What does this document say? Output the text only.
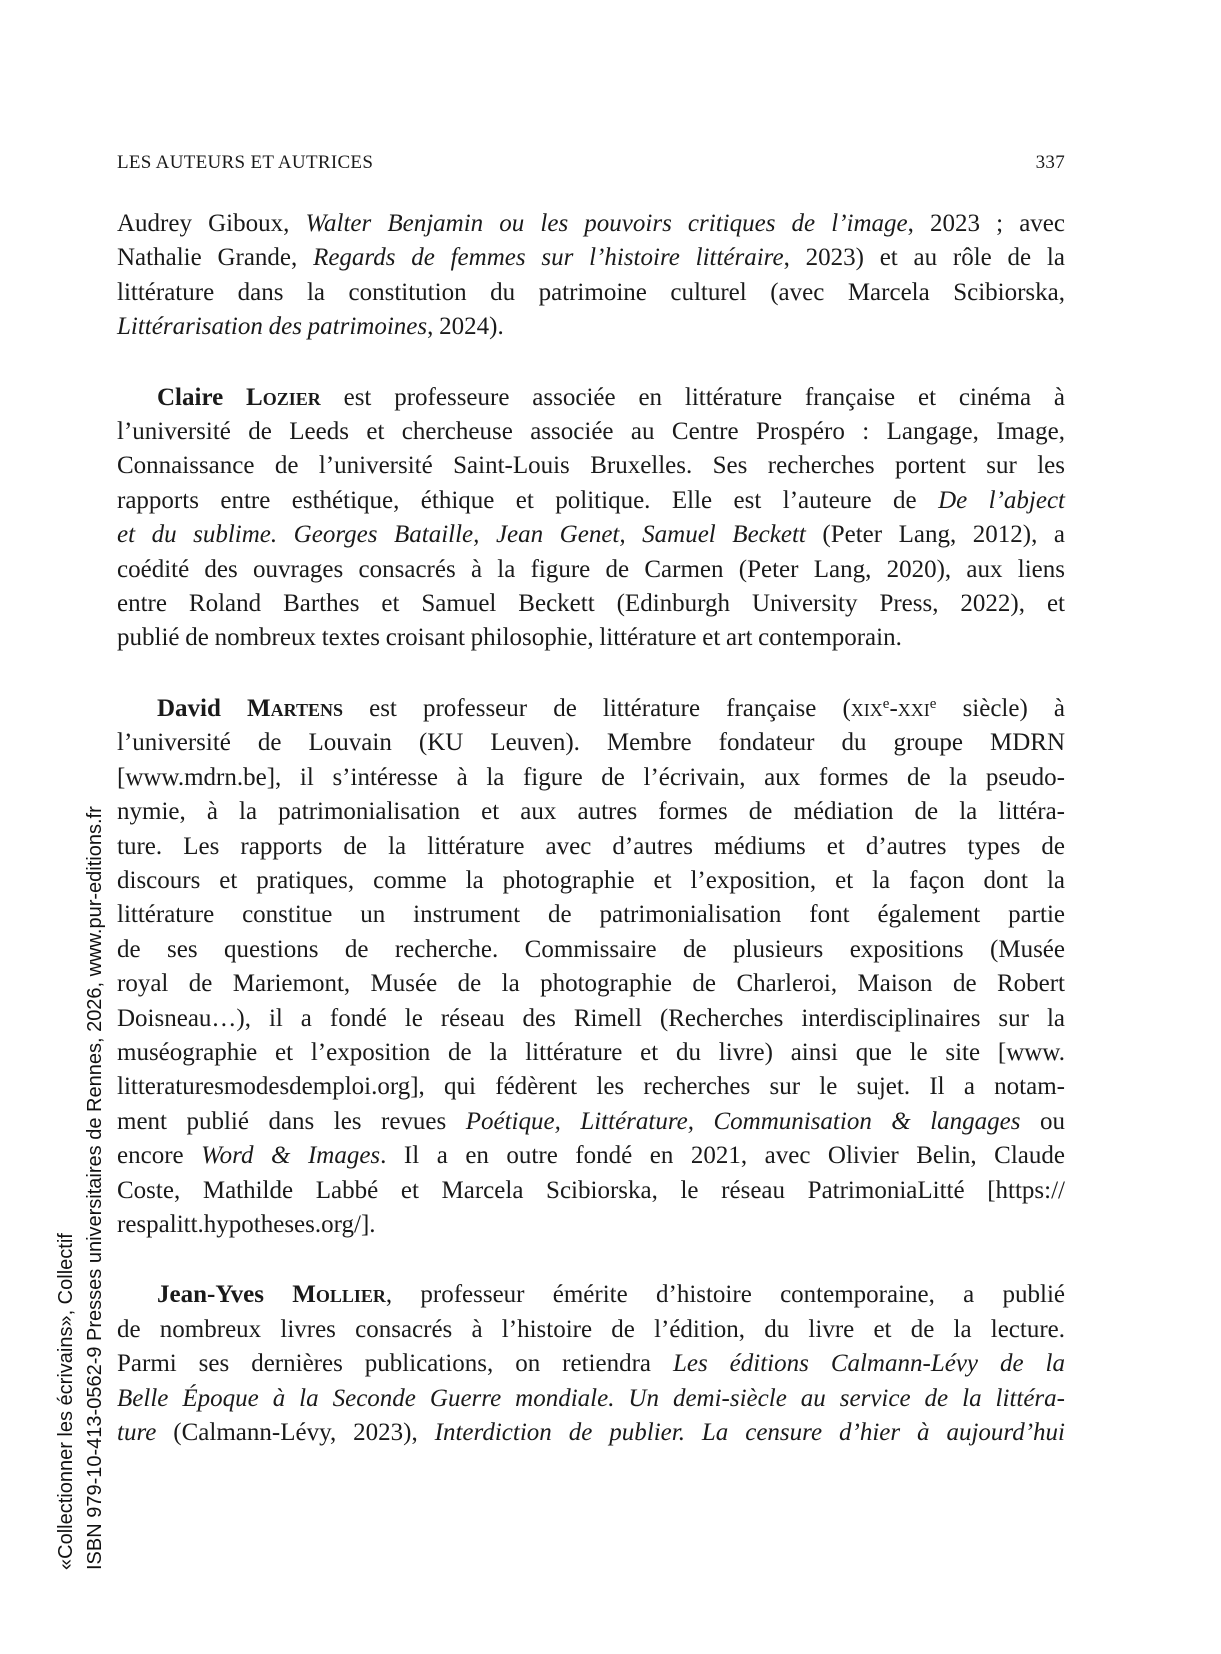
LES AUTEURS ET AUTRICES	337
«Collectionner les écrivains», Collectif ISBN 979-10-413-0562-9 Presses universitaires de Rennes, 2026, www.pur-editions.fr
Audrey Giboux, Walter Benjamin ou les pouvoirs critiques de l’image, 2023 ; avec
Nathalie Grande, Regards de femmes sur l’histoire littéraire, 2023) et au rôle de la
littérature dans la constitution du patrimoine culturel (avec Marcela Scibiorska,
Littérarisation des patrimoines, 2024).
Claire Lozier est professeure associée en littérature française et cinéma à
l’université de Leeds et chercheuse associée au Centre Prospéro : Langage, Image,
Connaissance de l’université Saint-Louis Bruxelles. Ses recherches portent sur les
rapports entre esthétique, éthique et politique. Elle est l’auteure de De l’abject
et du sublime. Georges Bataille, Jean Genet, Samuel Beckett (Peter Lang, 2012), a
coédité des ouvrages consacrés à la figure de Carmen (Peter Lang, 2020), aux liens
entre Roland Barthes et Samuel Beckett (Edinburgh University Press, 2022), et
publié de nombreux textes croisant philosophie, littérature et art contemporain.
David Martens est professeur de littérature française (xix$^e$-xxi$^e$ siècle) à
l’université de Louvain (KU Leuven). Membre fondateur du groupe MDRN
[www.mdrn.be], il s’intéresse à la figure de l’écrivain, aux formes de la pseudo-
nymie, à la patrimonialisation et aux autres formes de médiation de la littéra-
ture. Les rapports de la littérature avec d’autres médiums et d’autres types de
discours et pratiques, comme la photographie et l’exposition, et la façon dont la
littérature constitue un instrument de patrimonialisation font également partie
de ses questions de recherche. Commissaire de plusieurs expositions (Musée
royal de Mariemont, Musée de la photographie de Charleroi, Maison de Robert
Doisneau…), il a fondé le réseau des Rimell (Recherches interdisciplinaires sur la
muséographie et l’exposition de la littérature et du livre) ainsi que le site [www.
litteraturesmodesdemploi.org], qui fédèrent les recherches sur le sujet. Il a notam-
ment publié dans les revues Poétique, Littérature, Communisation & langages ou
encore Word & Images. Il a en outre fondé en 2021, avec Olivier Belin, Claude
Coste, Mathilde Labbé et Marcela Scibiorska, le réseau PatrimoniaLitté [https://
respalitt.hypotheses.org/].
Jean-Yves Mollier, professeur émérite d’histoire contemporaine, a publié
de nombreux livres consacrés à l’histoire de l’édition, du livre et de la lecture.
Parmi ses dernières publications, on retiendra Les éditions Calmann-Lévy de la
Belle Époque à la Seconde Guerre mondiale. Un demi-siècle au service de la littéra-
ture (Calmann-Lévy, 2023), Interdiction de publier. La censure d’hier à aujourd’hui
